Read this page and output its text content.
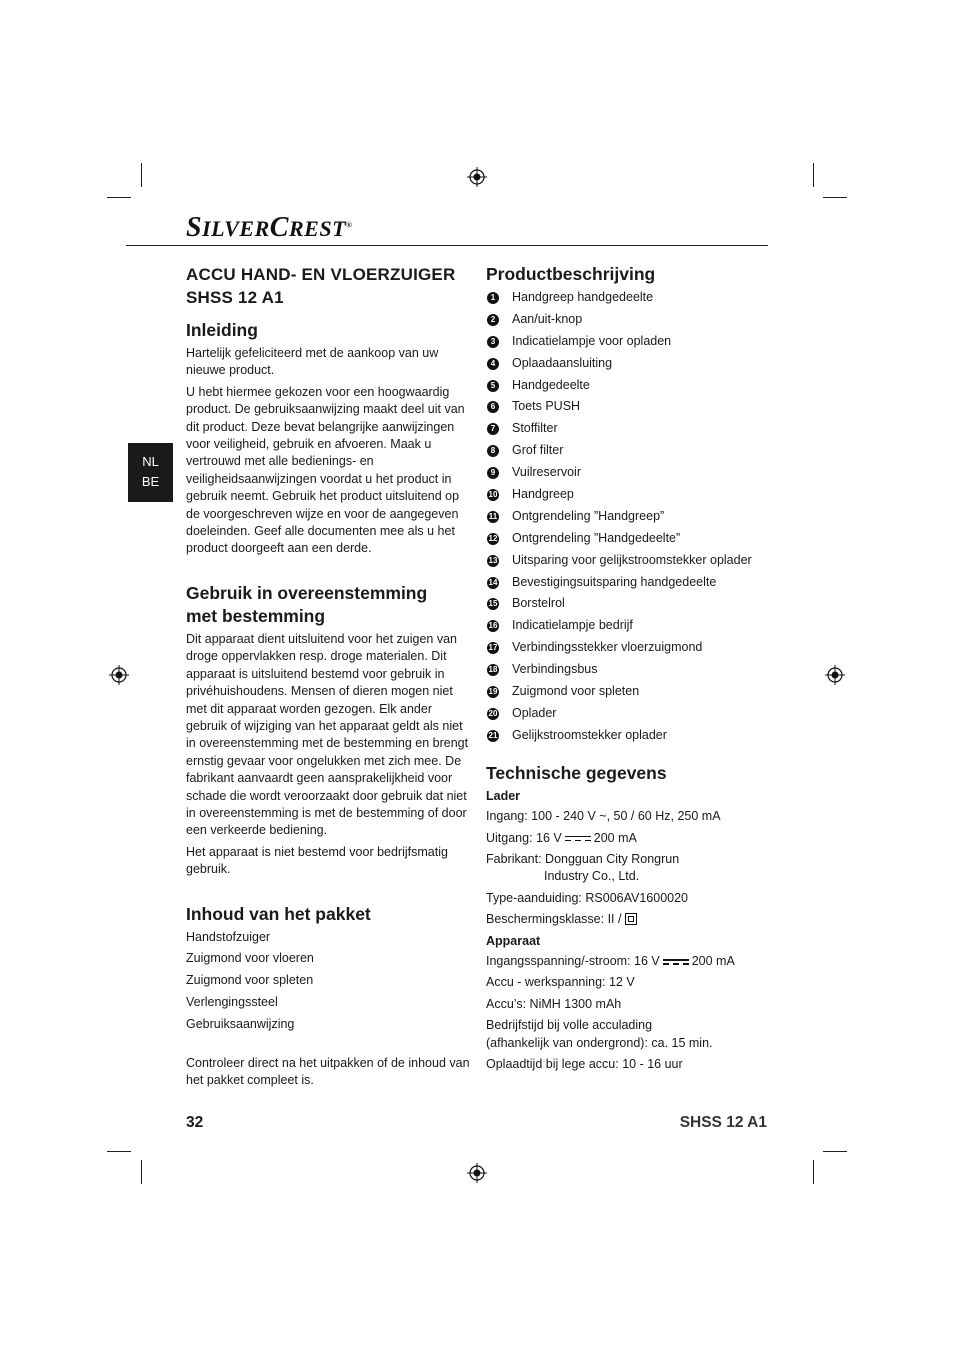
SILVERCREST®
NL
BE
ACCU HAND- EN VLOERZUIGER
SHSS 12 A1
Inleiding

Hartelijk gefeliciteerd met de aankoop van uw nieuwe product.

U hebt hiermee gekozen voor een hoogwaardig product. De gebruiksaanwijzing maakt deel uit van dit product. Deze bevat belangrijke aanwijzingen voor veiligheid, gebruik en afvoeren. Maak u vertrouwd met alle bedienings- en veiligheidsaanwijzingen voordat u het product in gebruik neemt. Gebruik het product uitsluitend op de voorgeschreven wijze en voor de aangegeven doeleinden. Geef alle documenten mee als u het product doorgeeft aan een derde.

Gebruik in overeenstemming
met bestemming

Dit apparaat dient uitsluitend voor het zuigen van droge oppervlakken resp. droge materialen. Dit apparaat is uitsluitend bestemd voor gebruik in privéhuishoudens. Mensen of dieren mogen niet met dit apparaat worden gezogen. Elk ander gebruik of wijziging van het apparaat geldt als niet in overeenstemming met de bestemming en brengt ernstig gevaar voor ongelukken met zich mee. De fabrikant aanvaardt geen aansprakelijkheid voor schade die wordt veroorzaakt door gebruik dat niet in overeenstemming is met de bestemming of door een verkeerde bediening.

Het apparaat is niet bestemd voor bedrijfsmatig gebruik.

Inhoud van het pakket
Handstofzuiger
Zuigmond voor vloeren
Zuigmond voor spleten
Verlengingssteel
Gebruiksaanwijzing

Controleer direct na het uitpakken of de inhoud van het pakket compleet is.

Productbeschrijving
1	Handgreep handgedeelte
2	Aan/uit-knop
3	Indicatielampje voor opladen
4	Oplaadaansluiting
5	Handgedeelte
6	Toets PUSH
7	Stoffilter
8	Grof filter
9	Vuilreservoir
10 Handgreep
11 Ontgrendeling ”Handgreep”
12 Ontgrendeling ”Handgedeelte”
13 Uitsparing voor gelijkstroomstekker oplader
14 Bevestigingsuitsparing handgedeelte
15 Borstelrol
16 Indicatielampje bedrijf
17 Verbindingsstekker vloerzuigmond
18 Verbindingsbus
19 Zuigmond voor spleten
20 Oplader
21 Gelijkstroomstekker oplader
Technische gegevens
Lader

Ingang: 100 - 240 V ~, 50 / 60 Hz, 250 mA

Uitgang: 16 V	200 mA

Fabrikant: Dongguan City Rongrun
Industry Co., Ltd.

Type-aanduiding: RS006AV1600020

Beschermingsklasse: II /

Apparaat

Ingangsspanning/-stroom: 16 V	200 mA

Accu - werkspanning: 12 V

Accu’s: NiMH 1300 mAh

Bedrijfstijd bij volle acculading
(afhankelijk van ondergrond): ca. 15 min.

Oplaadtijd bij lege accu: 10 - 16 uur

32	SHSS 12 A1
